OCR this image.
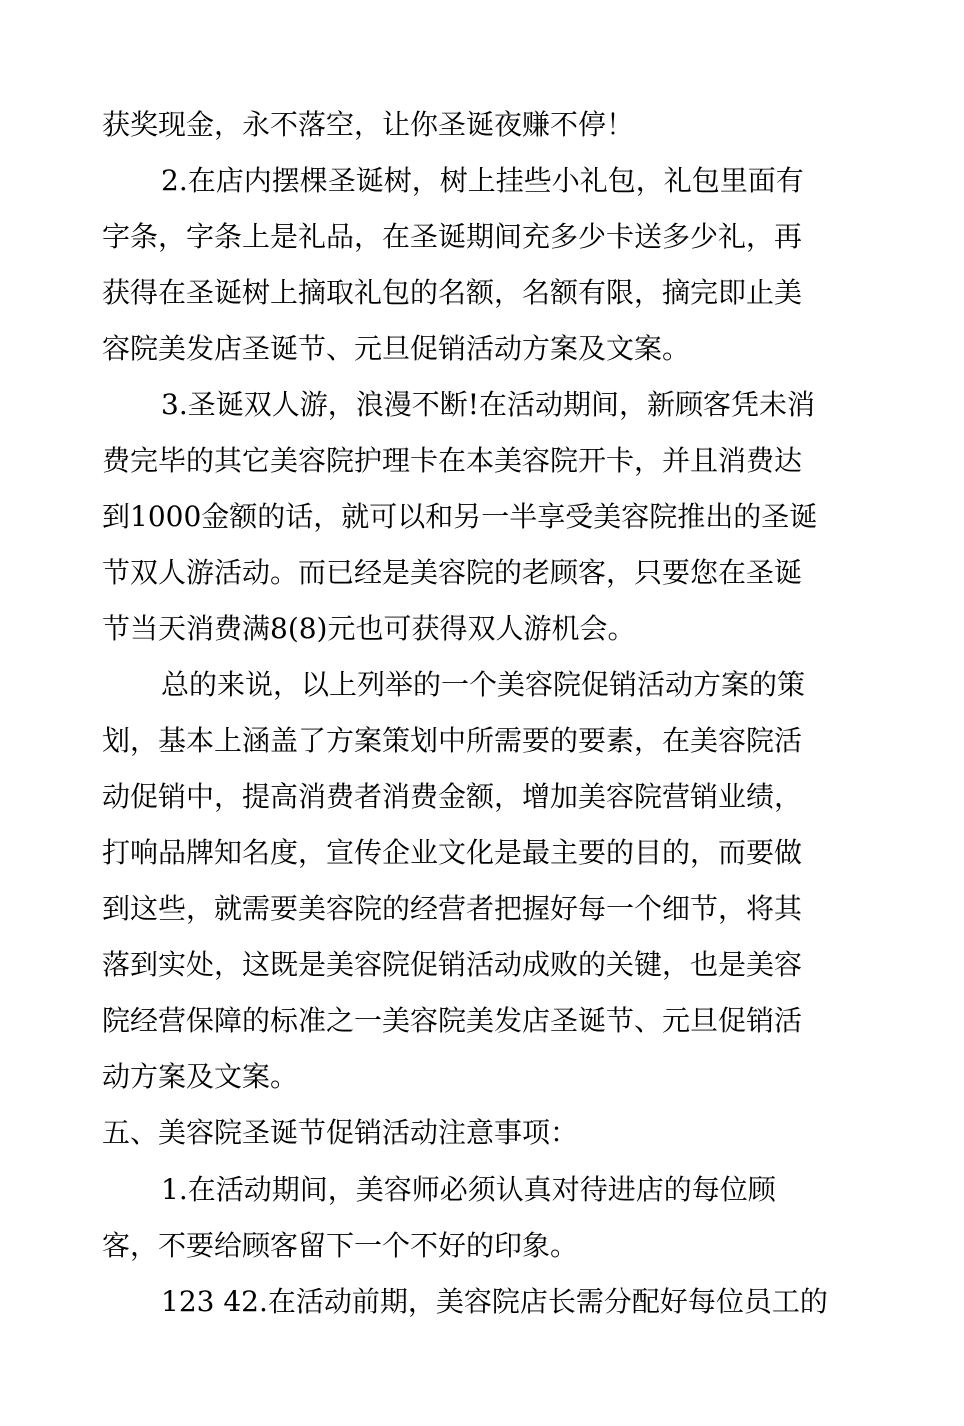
获奖现金，永不落空，让你圣诞夜赚不停！
2.在店内摆棵圣诞树，树上挂些小礼包，礼包里面有
字条，字条上是礼品，在圣诞期间充多少卡送多少礼，再
获得在圣诞树上摘取礼包的名额，名额有限，摘完即止美
容院美发店圣诞节、元旦促销活动方案及文案。
3.圣诞双人游，浪漫不断!在活动期间，新顾客凭未消
费完毕的其它美容院护理卡在本美容院开卡，并且消费达
到1000金额的话，就可以和另一半享受美容院推出的圣诞
节双人游活动。而已经是美容院的老顾客，只要您在圣诞
节当天消费满8(8)元也可获得双人游机会。
总的来说，以上列举的一个美容院促销活动方案的策
划，基本上涵盖了方案策划中所需要的要素，在美容院活
动促销中，提高消费者消费金额，增加美容院营销业绩，
打响品牌知名度，宣传企业文化是最主要的目的，而要做
到这些，就需要美容院的经营者把握好每一个细节，将其
落到实处，这既是美容院促销活动成败的关键，也是美容
院经营保障的标准之一美容院美发店圣诞节、元旦促销活
动方案及文案。
五、美容院圣诞节促销活动注意事项：
1.在活动期间，美容师必须认真对待进店的每位顾
客，不要给顾客留下一个不好的印象。
123 42.在活动前期，美容院店长需分配好每位员工的
